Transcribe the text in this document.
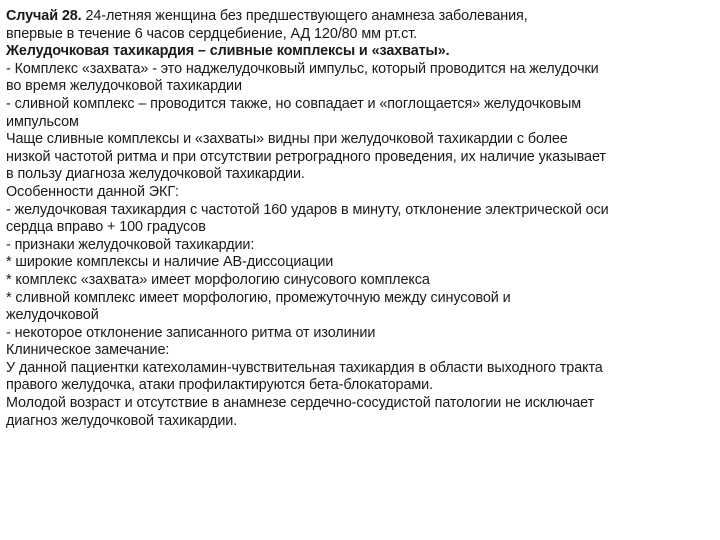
Случай 28. 24-летняя женщина без предшествующего анамнеза заболевания,
впервые в течение 6 часов сердцебиение, АД 120/80 мм рт.ст.
Желудочковая тахикардия – сливные комплексы и «захваты».
- Комплекс «захвата» - это наджелудочковый импульс, который проводится на желудочки
во время желудочковой тахикардии
- сливной комплекс – проводится также, но совпадает и «поглощается» желудочковым
импульсом
Чаще сливные комплексы и «захваты» видны при желудочковой тахикардии с более
низкой частотой ритма и при отсутствии ретроградного проведения, их наличие указывает
в пользу диагноза желудочковой тахикардии.
Особенности данной ЭКГ:
- желудочковая тахикардия с частотой 160 ударов в минуту, отклонение электрической оси
сердца вправо + 100 градусов
- признаки желудочковой тахикардии:
* широкие комплексы и наличие АВ-диссоциации
* комплекс «захвата» имеет морфологию синусового комплекса
* сливной комплекс имеет морфологию, промежуточную между синусовой и
желудочковой
- некоторое отклонение записанного ритма от изолинии
Клиническое замечание:
У данной пациентки катехоламин-чувствительная тахикардия в области выходного тракта
правого желудочка, атаки профилактируются бета-блокаторами.
Молодой возраст и отсутствие в анамнезе сердечно-сосудистой патологии не исключает
диагноз желудочковой тахикардии.
